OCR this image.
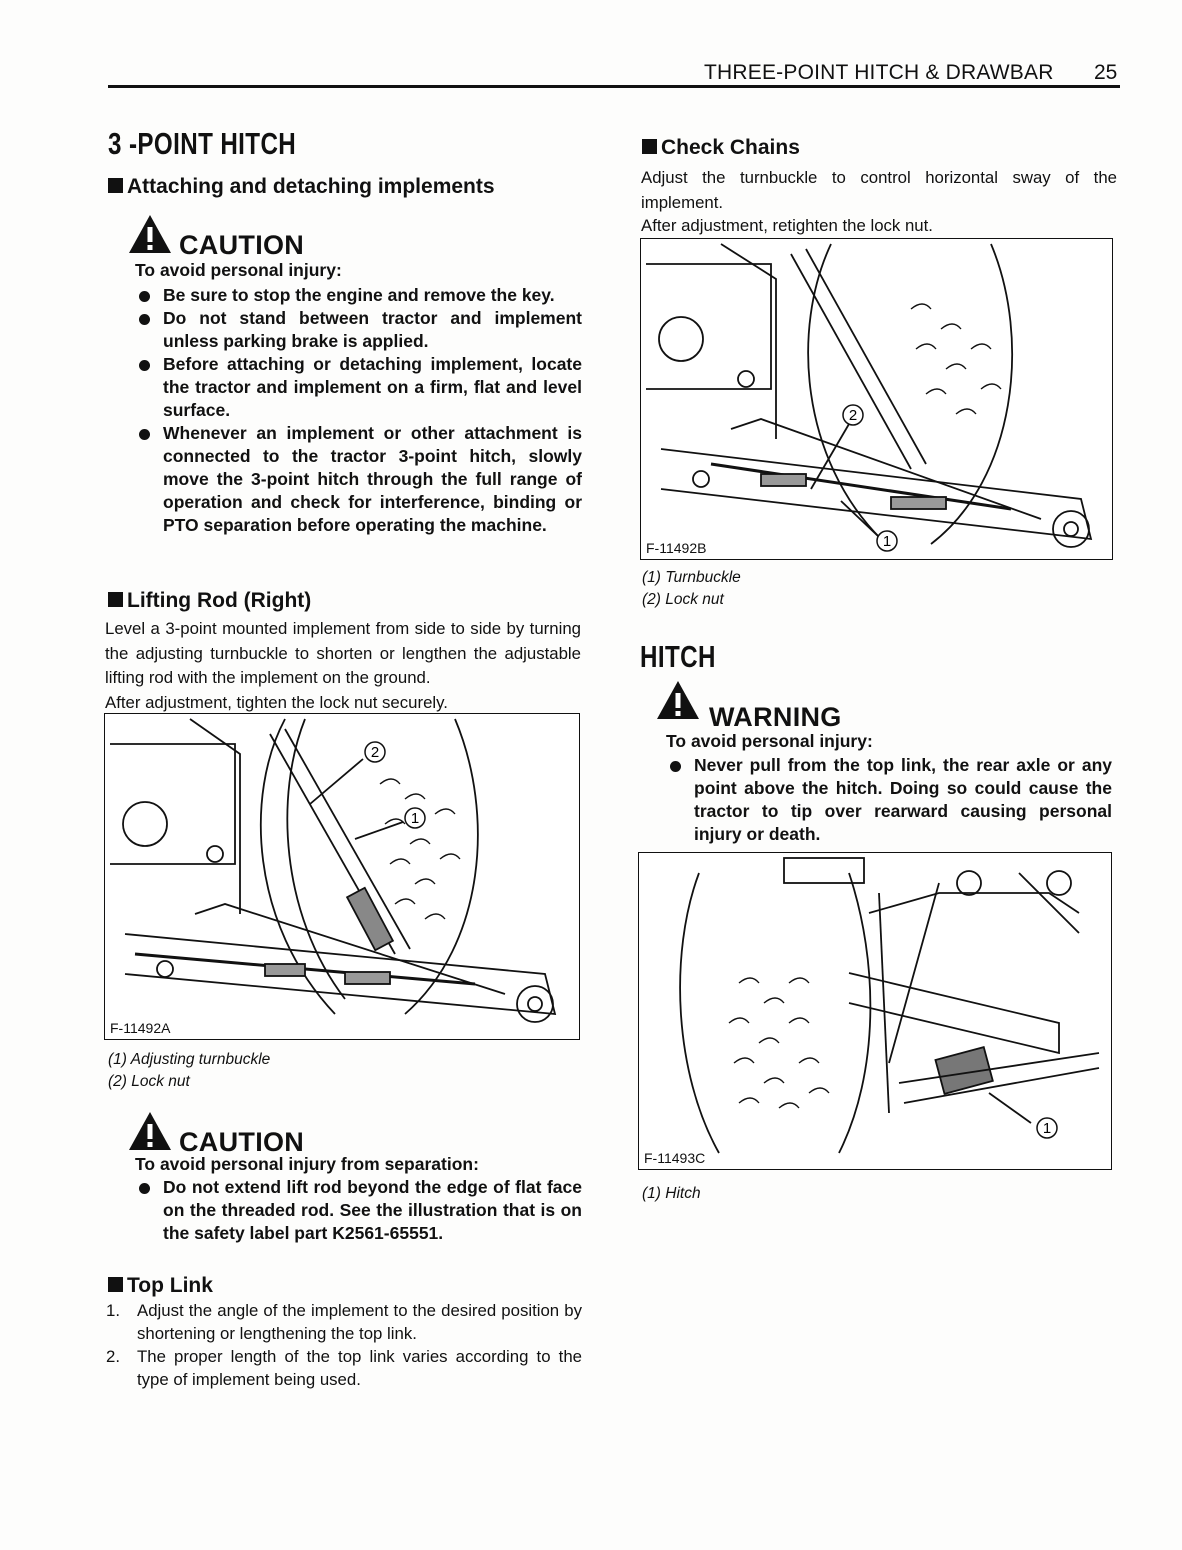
THREE-POINT HITCH & DRAWBAR 25
3 -POINT HITCH
Attaching and detaching implements
CAUTION
To avoid personal injury:
Be sure to stop the engine and remove the key.
Do not stand between tractor and implement unless parking brake is applied.
Before attaching or detaching implement, locate the tractor and implement on a firm, flat and level surface.
Whenever an implement or other attachment is connected to the tractor 3-point hitch, slowly move the 3-point hitch through the full range of operation and check for interference, binding or PTO separation before operating the machine.
Lifting Rod (Right)
Level a 3-point mounted implement from side to side by turning the adjusting turnbuckle to shorten or lengthen the adjustable lifting rod with the implement on the ground.
After adjustment, tighten the lock nut securely.
2
1
F-11492A
(1) Adjusting turnbuckle
(2) Lock nut
CAUTION
To avoid personal injury from separation:
Do not extend lift rod beyond the edge of flat face on the threaded rod. See the illustration that is on the safety label part K2561-65551.
Top Link
1. Adjust the angle of the implement to the desired position by shortening or lengthening the top link.
2. The proper length of the top link varies according to the type of implement being used.
Check Chains
Adjust the turnbuckle to control horizontal sway of the implement.
After adjustment, retighten the lock nut.
2
1
F-11492B
(1) Turnbuckle
(2) Lock nut
HITCH
WARNING
To avoid personal injury:
Never pull from the top link, the rear axle or any point above the hitch. Doing so could cause the tractor to tip over rearward causing personal injury or death.
1
F-11493C
(1) Hitch
